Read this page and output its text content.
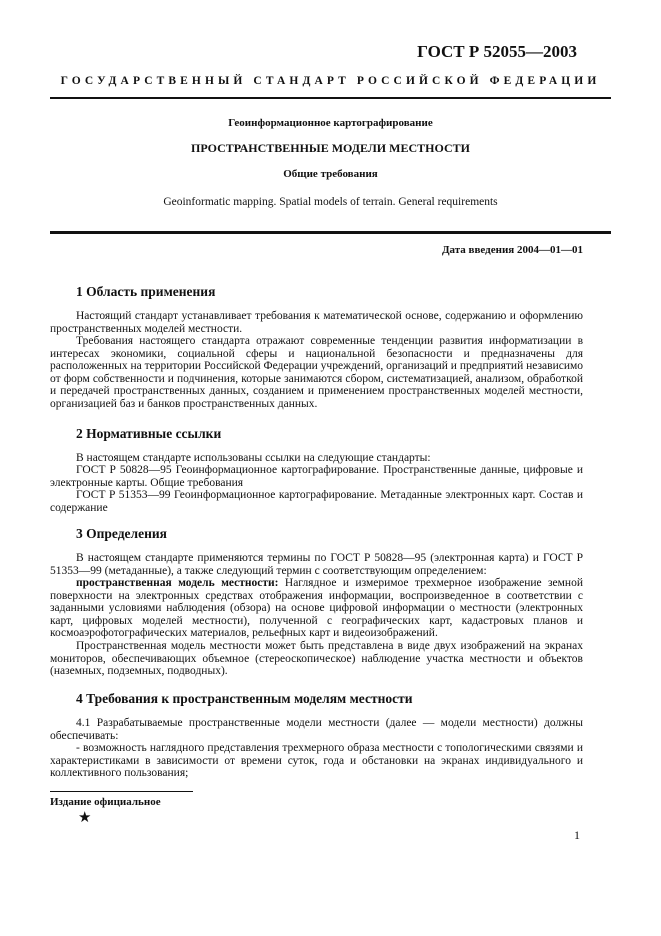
ГОСТ Р 52055—2003
ГОСУДАРСТВЕННЫЙ СТАНДАРТ РОССИЙСКОЙ ФЕДЕРАЦИИ
Геоинформационное картографирование
ПРОСТРАНСТВЕННЫЕ МОДЕЛИ МЕСТНОСТИ
Общие требования
Geoinformatic mapping. Spatial models of terrain. General requirements
Дата введения 2004—01—01
1 Область применения

Настоящий стандарт устанавливает требования к математической основе, содержанию и оформлению пространственных моделей местности.

Требования настоящего стандарта отражают современные тенденции развития информатизации в интересах экономики, социальной сферы и национальной безопасности и предназначены для расположенных на территории Российской Федерации учреждений, организаций и предприятий независимо от форм собственности и подчинения, которые занимаются сбором, систематизацией, анализом, обработкой и передачей пространственных данных, созданием и применением пространственных моделей местности, организацией баз и банков пространственных данных.

2 Нормативные ссылки

В настоящем стандарте использованы ссылки на следующие стандарты:

ГОСТ Р 50828—95 Геоинформационное картографирование. Пространственные данные, цифровые и электронные карты. Общие требования

ГОСТ Р 51353—99 Геоинформационное картографирование. Метаданные электронных карт. Состав и содержание

3 Определения

В настоящем стандарте применяются термины по ГОСТ Р 50828—95 (электронная карта) и ГОСТ Р 51353—99 (метаданные), а также следующий термин с соответствующим определением:

пространственная модель местности: Наглядное и измеримое трехмерное изображение земной поверхности на электронных средствах отображения информации, воспроизведенное в соответствии с заданными условиями наблюдения (обзора) на основе цифровой информации о местности (электронных карт, цифровых моделей местности), полученной с географических карт, кадастровых планов и космоаэрофотографических материалов, рельефных карт и видеоизображений.

Пространственная модель местности может быть представлена в виде двух изображений на экранах мониторов, обеспечивающих объемное (стереоскопическое) наблюдение участка местности и объектов (наземных, подземных, подводных).

4 Требования к пространственным моделям местности

4.1 Разрабатываемые пространственные модели местности (далее — модели местности) должны обеспечивать:

- возможность наглядного представления трехмерного образа местности с топологическими связями и характеристиками в зависимости от времени суток, года и обстановки на экранах индивидуального и коллективного пользования;

Издание официальное
★
1
